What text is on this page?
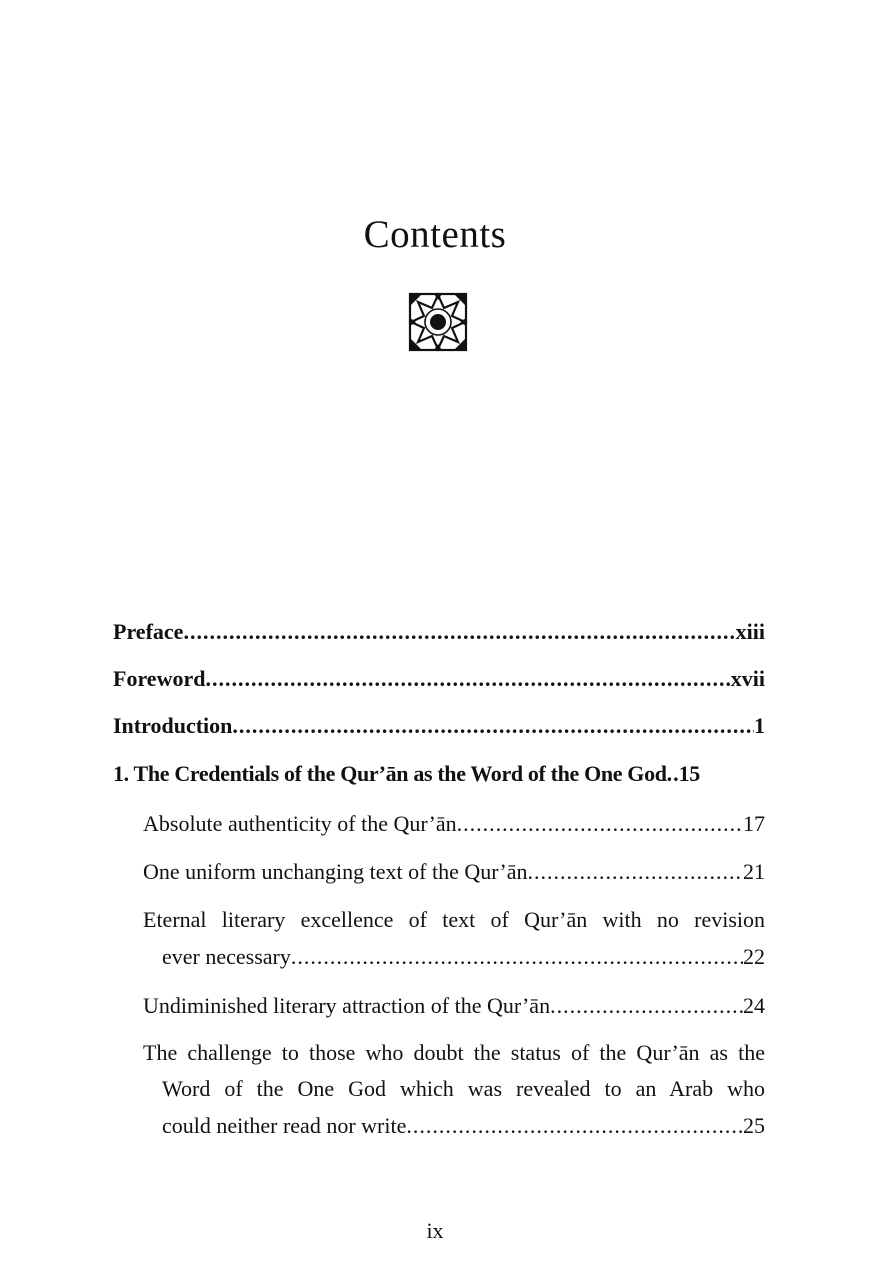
Contents
Preface .....	xiii
Foreword .....	xvii
Introduction .....	1
1. The Credentials of the Qur’ān as the Word of the One God ..... 15
Absolute authenticity of the Qur’ān .....	17
One uniform unchanging text of the Qur’ān .....	21
Eternal literary excellence of text of Qur’ān with no revision
ever necessary .....	22
Undiminished literary attraction of the Qur’ān .....	24
The challenge to those who doubt the status of the Qur’ān as the
Word of the One God which was revealed to an Arab who
could neither read nor write .....	25
ix
